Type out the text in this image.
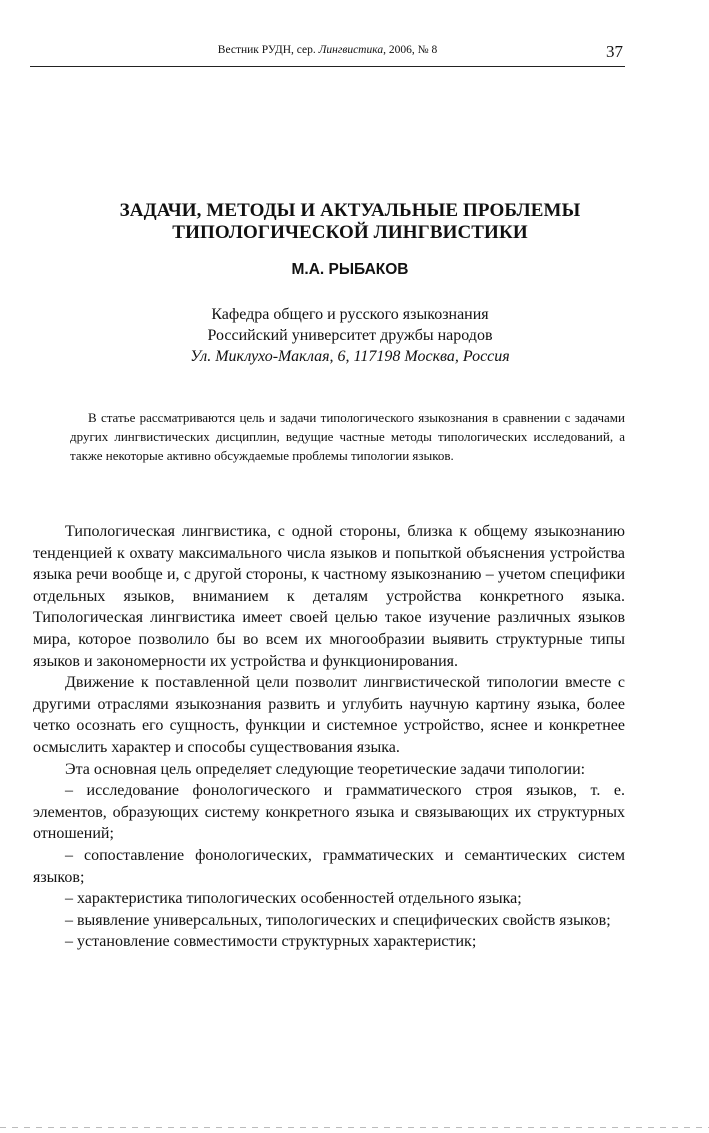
Вестник РУДН, сер. Лингвистика, 2006, № 8	37
ЗАДАЧИ, МЕТОДЫ И АКТУАЛЬНЫЕ ПРОБЛЕМЫ
ТИПОЛОГИЧЕСКОЙ ЛИНГВИСТИКИ
М.А. РЫБАКОВ
Кафедра общего и русского языкознания
Российский университет дружбы народов
Ул. Миклухо-Маклая, 6, 117198 Москва, Россия
В статье рассматриваются цель и задачи типологического языкознания в сравнении с задачами других лингвистических дисциплин, ведущие частные методы типологических исследований, а также некоторые активно обсуждаемые проблемы типологии языков.

Типологическая лингвистика, с одной стороны, близка к общему языкознанию тенденцией к охвату максимального числа языков и попыткой объяснения устройства языка речи вообще и, с другой стороны, к частному языкознанию – учетом специфики отдельных языков, вниманием к деталям устройства конкретного языка. Типологическая лингвистика имеет своей целью такое изучение различных языков мира, которое позволило бы во всем их многообразии выявить структурные типы языков и закономерности их устройства и функционирования.

Движение к поставленной цели позволит лингвистической типологии вместе с другими отраслями языкознания развить и углубить научную картину языка, более четко осознать его сущность, функции и системное устройство, яснее и конкретнее осмыслить характер и способы существования языка.

Эта основная цель определяет следующие теоретические задачи типологии:

– исследование фонологического и грамматического строя языков, т. е. элементов, образующих систему конкретного языка и связывающих их структурных отношений;

– сопоставление фонологических, грамматических и семантических систем языков;

– характеристика типологических особенностей отдельного языка;

– выявление универсальных, типологических и специфических свойств языков;

– установление совместимости структурных характеристик;
